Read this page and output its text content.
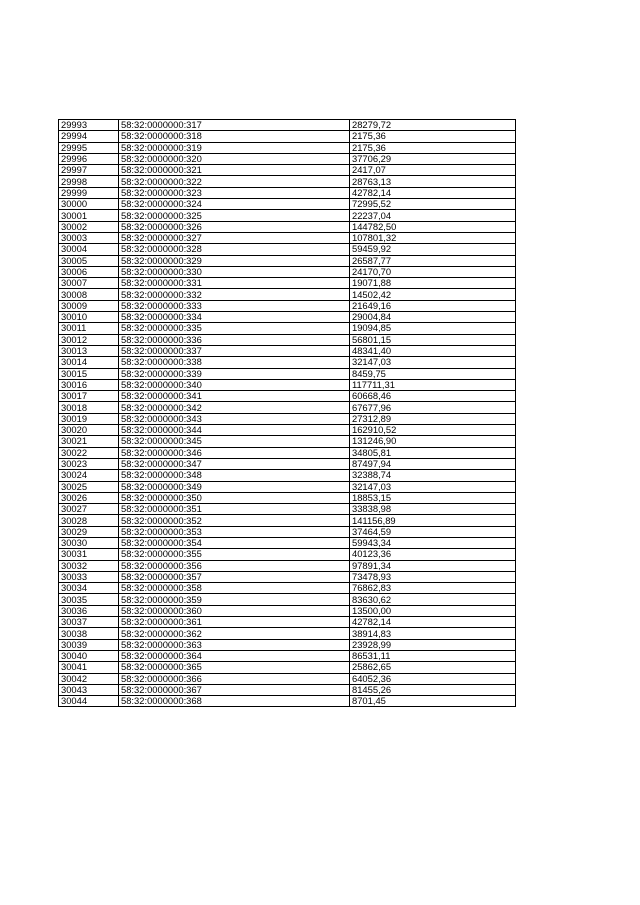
29993	58:32:0000000:317	28279,72
29994	58:32:0000000:318	2175,36
29995	58:32:0000000:319	2175,36
29996	58:32:0000000:320	37706,29
29997	58:32:0000000:321	2417,07
29998	58:32:0000000:322	28763,13
29999	58:32:0000000:323	42782,14
30000	58:32:0000000:324	72995,52
30001	58:32:0000000:325	22237,04
30002	58:32:0000000:326	144782,50
30003	58:32:0000000:327	107801,32
30004	58:32:0000000:328	59459,92
30005	58:32:0000000:329	26587,77
30006	58:32:0000000:330	24170,70
30007	58:32:0000000:331	19071,88
30008	58:32:0000000:332	14502,42
30009	58:32:0000000:333	21649,16
30010	58:32:0000000:334	29004,84
30011	58:32:0000000:335	19094,85
30012	58:32:0000000:336	56801,15
30013	58:32:0000000:337	48341,40
30014	58:32:0000000:338	32147,03
30015	58:32:0000000:339	8459,75
30016	58:32:0000000:340	117711,31
30017	58:32:0000000:341	60668,46
30018	58:32:0000000:342	67677,96
30019	58:32:0000000:343	27312,89
30020	58:32:0000000:344	162910,52
30021	58:32:0000000:345	131246,90
30022	58:32:0000000:346	34805,81
30023	58:32:0000000:347	87497,94
30024	58:32:0000000:348	32388,74
30025	58:32:0000000:349	32147,03
30026	58:32:0000000:350	18853,15
30027	58:32:0000000:351	33838,98
30028	58:32:0000000:352	141156,89
30029	58:32:0000000:353	37464,59
30030	58:32:0000000:354	59943,34
30031	58:32:0000000:355	40123,36
30032	58:32:0000000:356	97891,34
30033	58:32:0000000:357	73478,93
30034	58:32:0000000:358	76862,83
30035	58:32:0000000:359	83630,62
30036	58:32:0000000:360	13500,00
30037	58:32:0000000:361	42782,14
30038	58:32:0000000:362	38914,83
30039	58:32:0000000:363	23928,99
30040	58:32:0000000:364	86531,11
30041	58:32:0000000:365	25862,65
30042	58:32:0000000:366	64052,36
30043	58:32:0000000:367	81455,26
30044	58:32:0000000:368	8701,45
